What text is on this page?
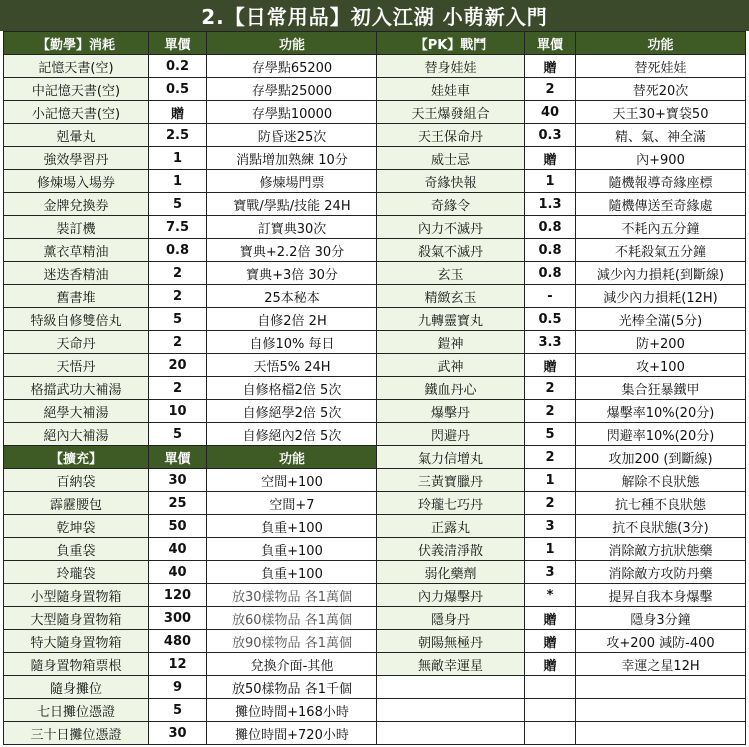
2.【日常用品】初入江湖 小萌新入門
【勤學】消耗	單價	功能
記憶天書(空)	0.2	存學點65200
中記憶天書(空)	0.5	存學點25000
小記憶天書(空)	贈	存學點10000
剋暈丸	2.5	防昏迷25次
強效學習丹	1	消點增加熟練 10分
修煉場入場券	1	修煉場門票
金牌兌換券	5	寶戰/學點/技能 24H
裝訂機	7.5	訂寶典30次
薰衣草精油	0.8	寶典+2.2倍 30分
迷迭香精油	2	寶典+3倍 30分
舊書堆	2	25本秘本
特級自修雙倍丸	5	自修2倍 2H
天命丹	2	自修10% 每日
天悟丹	20	天悟5% 24H
格擋武功大補湯	2	自修格檔2倍 5次
絕學大補湯	10	自修絕學2倍 5次
絕內大補湯	5	自修絕內2倍 5次
【擴充】	單價	功能
百納袋	30	空間+100
霹靂腰包	25	空間+7
乾坤袋	50	負重+100
負重袋	40	負重+100
玲瓏袋	40	負重+100
小型隨身置物箱	120	放30樣物品 各1萬個
大型隨身置物箱	300	放60樣物品 各1萬個
特大隨身置物箱	480	放90樣物品 各1萬個
隨身置物箱票根	12	兌換介面-其他
隨身攤位	9	放50樣物品 各1千個
七日攤位憑證	5	攤位時間+168小時
三十日攤位憑證	30	攤位時間+720小時
【PK】戰鬥	單價	功能
替身娃娃	贈	替死娃娃
娃娃車	2	替死20次
天王爆發組合	40	天王30+寶袋50
天王保命丹	0.3	精、氣、神全滿
威士忌	贈	內+900
奇緣快報	1	隨機報導奇緣座標
奇緣令	1.3	隨機傳送至奇緣處
內力不滅丹	0.8	不耗內五分鐘
殺氣不滅丹	0.8	不耗殺氣五分鐘
玄玉	0.8	減少內力損耗(到斷線)
精緻玄玉	-	減少內力損耗(12H)
九轉靈寶丸	0.5	光棒全滿(5分)
鎧神	3.3	防+200
武神	贈	攻+100
鐵血丹心	2	集合狂暴鐵甲
爆擊丹	2	爆擊率10%(20分)
閃避丹	5	閃避率10%(20分)
氣力信增丸	2	攻加200 (到斷線)
三黃寶臘丹	1	解除不良狀態
玲瓏七巧丹	2	抗七種不良狀態
正露丸	3	抗不良狀態(3分)
伏義清淨散	1	消除敵方抗狀態藥
弱化藥劑	3	消除敵方攻防丹藥
內力爆擊丹	*	提昇自我本身爆擊
隱身丹	贈	隱身3分鐘
朝陽無極丹	贈	攻+200 減防-400
無敵幸運星	贈	幸運之星12H
